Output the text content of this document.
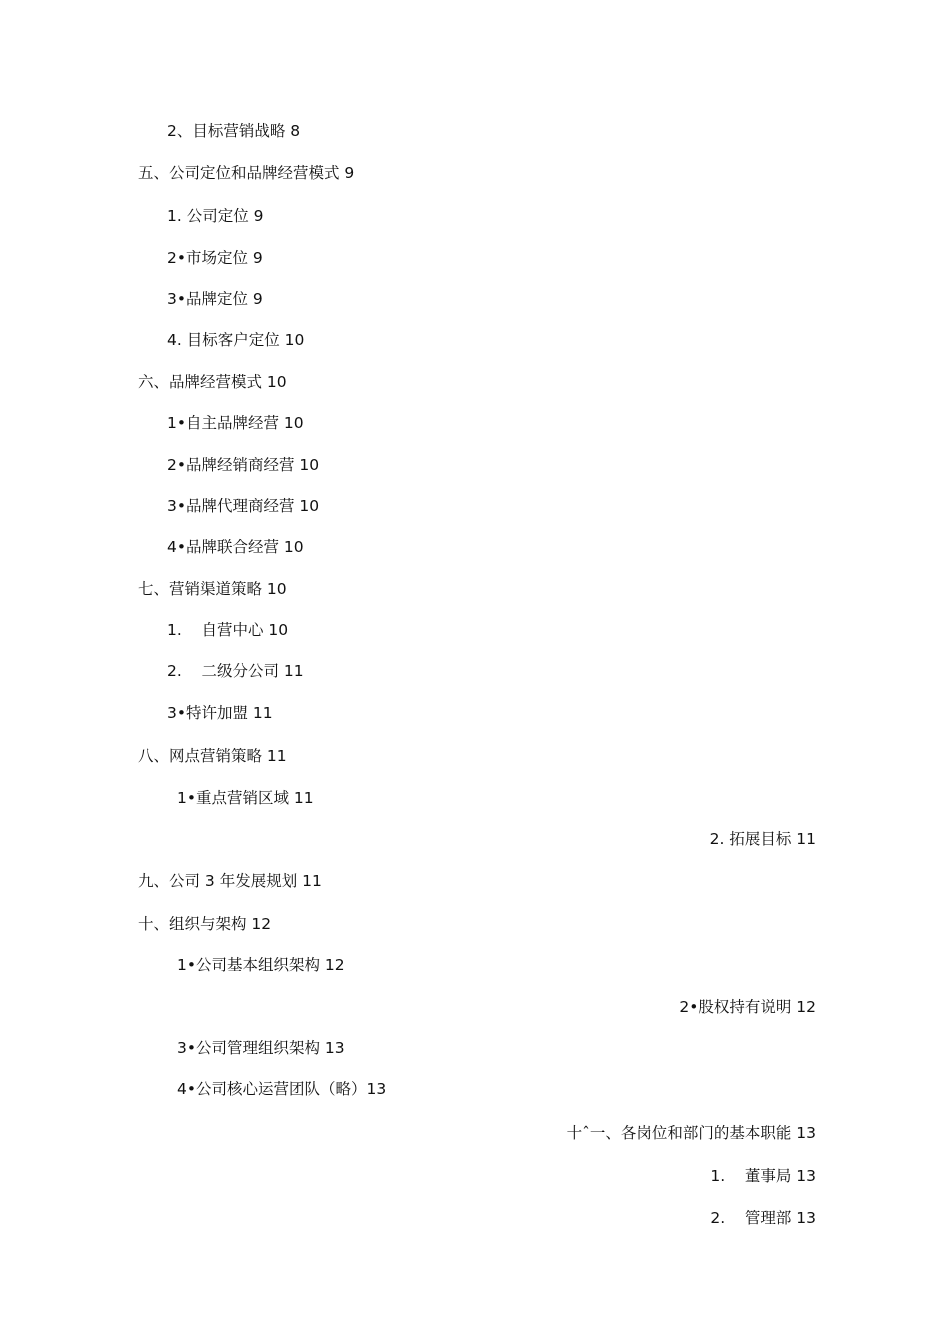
2、目标营销战略 8

五、公司定位和品牌经营模式 9

1. 公司定位 9

2•市场定位 9

3•品牌定位 9

4. 目标客户定位 10

六、品牌经营模式 10

1•自主品牌经营 10

2•品牌经销商经营 10

3•品牌代理商经营 10

4•品牌联合经营 10

七、营销渠道策略 10

1.    自营中心 10

2.    二级分公司 11

3•特许加盟 11

八、网点营销策略 11

1•重点营销区域 11

2. 拓展目标 11

九、公司 3 年发展规划 11

十、组织与架构 12

1•公司基本组织架构 12

2•股权持有说明 12

3•公司管理组织架构 13

4•公司核心运营团队（略）13

十ˆ一、各岗位和部门的基本职能 13

1.    董事局 13

2.    管理部 13
